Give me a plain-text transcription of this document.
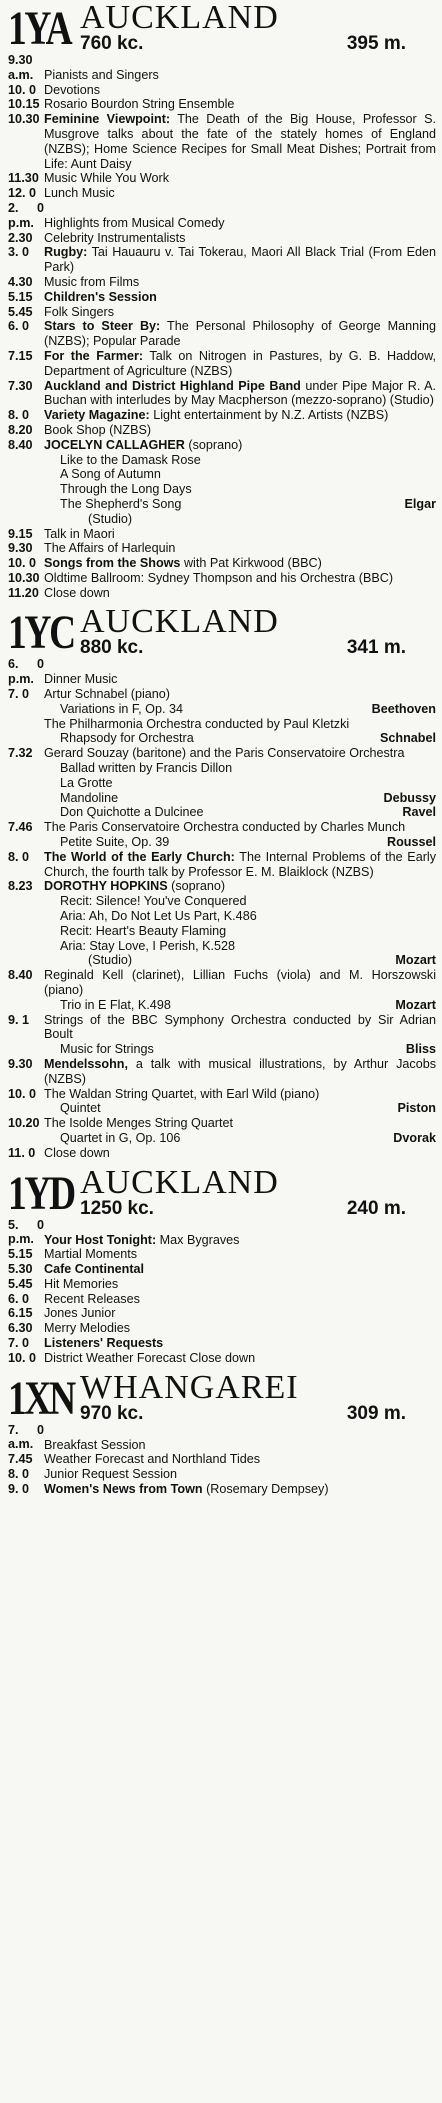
1YA AUCKLAND
760 kc.	395 m.
9.30 a.m. Pianists and Singers
10. 0 Devotions
10.15 Rosario Bourdon String Ensemble
10.30 Feminine Viewpoint: The Death of the Big House, Professor S. Musgrove talks about the fate of the stately homes of England (NZBS); Home Science Recipes for Small Meat Dishes; Portrait from Life: Aunt Daisy
11.30 Music While You Work
12. 0 Lunch Music
2. 0 p.m. Highlights from Musical Comedy
2.30 Celebrity Instrumentalists
3. 0 Rugby: Tai Hauauru v. Tai Tokerau, Maori All Black Trial (From Eden Park)
4.30 Music from Films
5.15 Children's Session
5.45 Folk Singers
6. 0 Stars to Steer By: The Personal Philosophy of George Manning (NZBS); Popular Parade
7.15 For the Farmer: Talk on Nitrogen in Pastures, by G. B. Haddow, Department of Agriculture (NZBS)
7.30 Auckland and District Highland Pipe Band under Pipe Major R. A. Buchan with interludes by May Macpherson (mezzo-soprano) (Studio)
8. 0 Variety Magazine: Light entertainment by N.Z. Artists (NZBS)
8.20 Book Shop (NZBS)
8.40 JOCELYN CALLAGHER (soprano)
Like to the Damask Rose
A Song of Autumn
Through the Long Days
The Shepherd's Song	Elgar
(Studio)
9.15 Talk in Maori
9.30 The Affairs of Harlequin
10. 0 Songs from the Shows with Pat Kirkwood (BBC)
10.30 Oldtime Ballroom: Sydney Thompson and his Orchestra (BBC)
11.20 Close down
1YC AUCKLAND
880 kc.	341 m.
6. 0 p.m. Dinner Music
7. 0 Artur Schnabel (piano)
Variations in F, Op. 34	Beethoven
The Philharmonia Orchestra conducted by Paul Kletzki
Rhapsody for Orchestra	Schnabel
7.32 Gerard Souzay (baritone) and the Paris Conservatoire Orchestra
Ballad written by Francis Dillon
La Grotte
Mandoline	Debussy
Don Quichotte a Dulcinee	Ravel
7.46 The Paris Conservatoire Orchestra conducted by Charles Munch
Petite Suite, Op. 39	Roussel
8. 0 The World of the Early Church: The Internal Problems of the Early Church, the fourth talk by Professor E. M. Blaiklock (NZBS)
8.23 DOROTHY HOPKINS (soprano)
Recit: Silence! You've Conquered
Aria: Ah, Do Not Let Us Part, K.486
Recit: Heart's Beauty Flaming
Aria: Stay Love, I Perish, K.528
(Studio)	Mozart
8.40 Reginald Kell (clarinet), Lillian Fuchs (viola) and M. Horszowski (piano)
Trio in E Flat, K.498	Mozart
9. 1 Strings of the BBC Symphony Orchestra conducted by Sir Adrian Boult
Music for Strings	Bliss
9.30 Mendelssohn, a talk with musical illustrations, by Arthur Jacobs (NZBS)
10. 0 The Waldan String Quartet, with Earl Wild (piano)
Quintet	Piston
10.20 The Isolde Menges String Quartet
Quartet in G, Op. 106	Dvorak
11. 0 Close down
1YD AUCKLAND
1250 kc.	240 m.
5. 0 p.m. Your Host Tonight: Max Bygraves
5.15 Martial Moments
5.30 Cafe Continental
5.45 Hit Memories
6. 0 Recent Releases
6.15 Jones Junior
6.30 Merry Melodies
7. 0 Listeners' Requests
10. 0 District Weather Forecast Close down
1XN WHANGAREI
970 kc.	309 m.
7. 0 a.m. Breakfast Session
7.45 Weather Forecast and Northland Tides
8. 0 Junior Request Session
9. 0 Women's News from Town (Rosemary Dempsey)
